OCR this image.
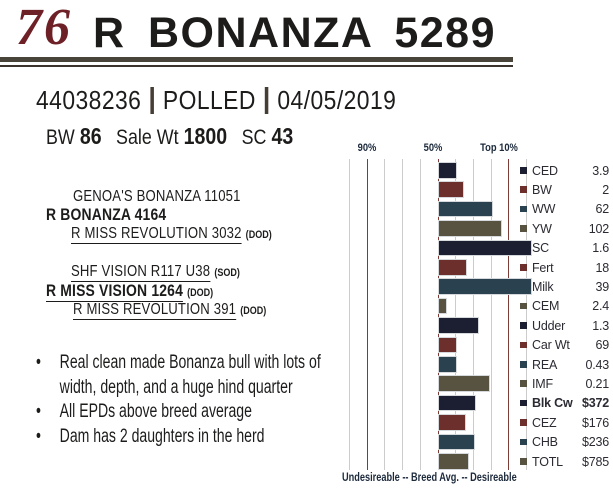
76 R BONANZA 5289
44038236 POLLED 04/05/2019
BW 86 Sale Wt 1800 SC 43
GENOA'S BONANZA 11051
R BONANZA 4164
R MISS REVOLUTION 3032 (DOD)
SHF VISION R117 U38 (SOD)
R MISS VISION 1264 (DOD)
R MISS REVOLUTION 391 (DOD)
• Real clean made Bonanza bull with lots of width, depth, and a huge hind quarter
• All EPDs above breed average
• Dam has 2 daughters in the herd
90%	50%	Top 10%
CED	3.9
BW	2
WW	62
YW	102
SC	1.6
Fert	18
Milk	39
CEM	2.4
Udder 1.3
Car Wt 69
REA 0.43
IMF	0.21
Blk Cw $372
CEZ $176
CHB $236
TOTL $785
Undesireable -- Breed Avg. -- Desireable
